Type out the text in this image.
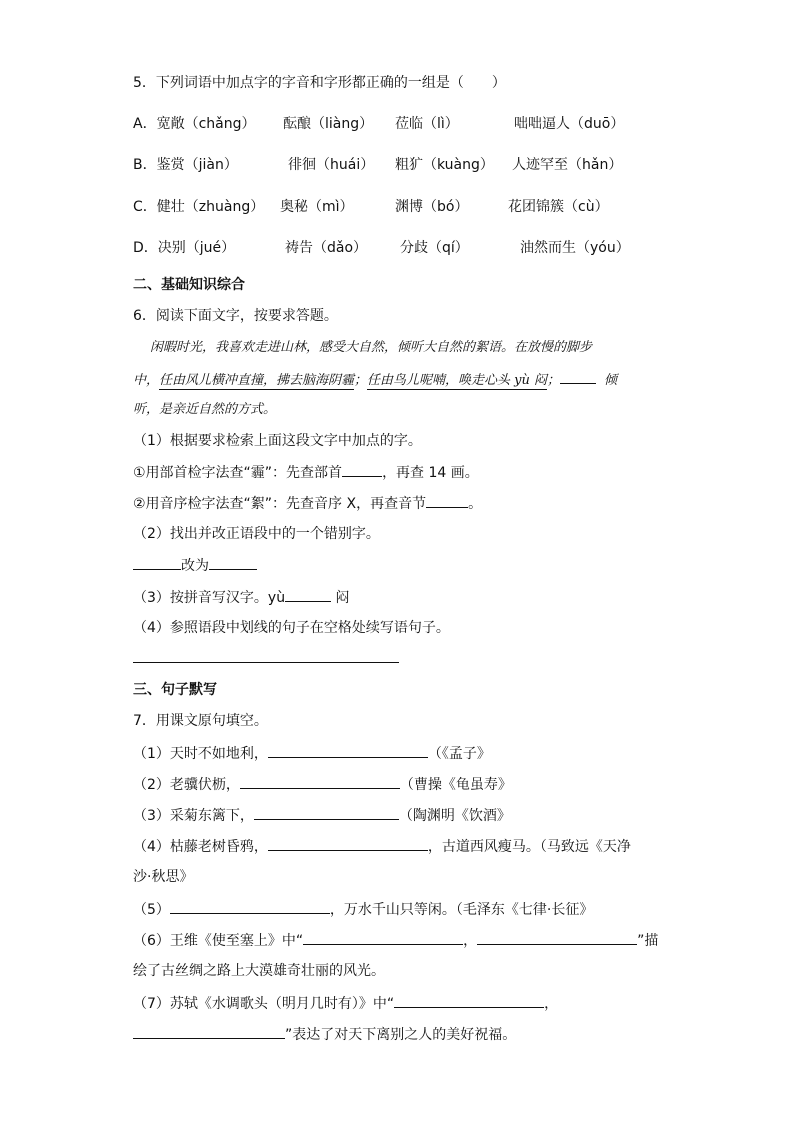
5．下列词语中加点字的字音和字形都正确的一组是（　　）
A．宽敞（chǎng） 酝酿（liàng） 莅临（lì）	咄咄逼人（duō）
B．鉴赏（jiàn）	徘徊（huái） 粗犷（kuàng） 人迹罕至（hǎn）
C．健壮（zhuàng） 奥秘（mì）	渊博（bó）	花团锦簇（cù）
D．决别（jué）	祷告（dǎo） 分歧（qí）	油然而生（yóu）
二、基础知识综合
6．阅读下面文字，按要求答题。
闲暇时光，我喜欢走进山林，感受大自然，倾听大自然的絮语。在放慢的脚步
中，任由风儿横冲直撞，拂去脑海阴霾；任由鸟儿呢喃，唤走心头 yù 闷；	倾
听，是亲近自然的方式。
（1）根据要求检索上面这段文字中加点的字。
①用部首检字法查“霾”：先查部首	，再查 14 画。
②用音序检字法查“絮”：先查音序 X，再查音节	。
（2）找出并改正语段中的一个错别字。
改为
（3）按拼音写汉字。yù	闷
（4）参照语段中划线的句子在空格处续写语句子。
三、句子默写
7．用课文原句填空。
（1）天时不如地利，	（《孟子》
（2）老骥伏枥，	（曹操《龟虽寿》
（3）采菊东篱下，	（陶渊明《饮酒》
（4）枯藤老树昏鸦，	，古道西风瘦马。（马致远《天净
沙·秋思》
（5）	，万水千山只等闲。（毛泽东《七律·长征》
（6）王维《使至塞上》中“	，	”描
绘了古丝绸之路上大漠雄奇壮丽的风光。
（7）苏轼《水调歌头（明月几时有）》中“	，
”表达了对天下离别之人的美好祝福。
